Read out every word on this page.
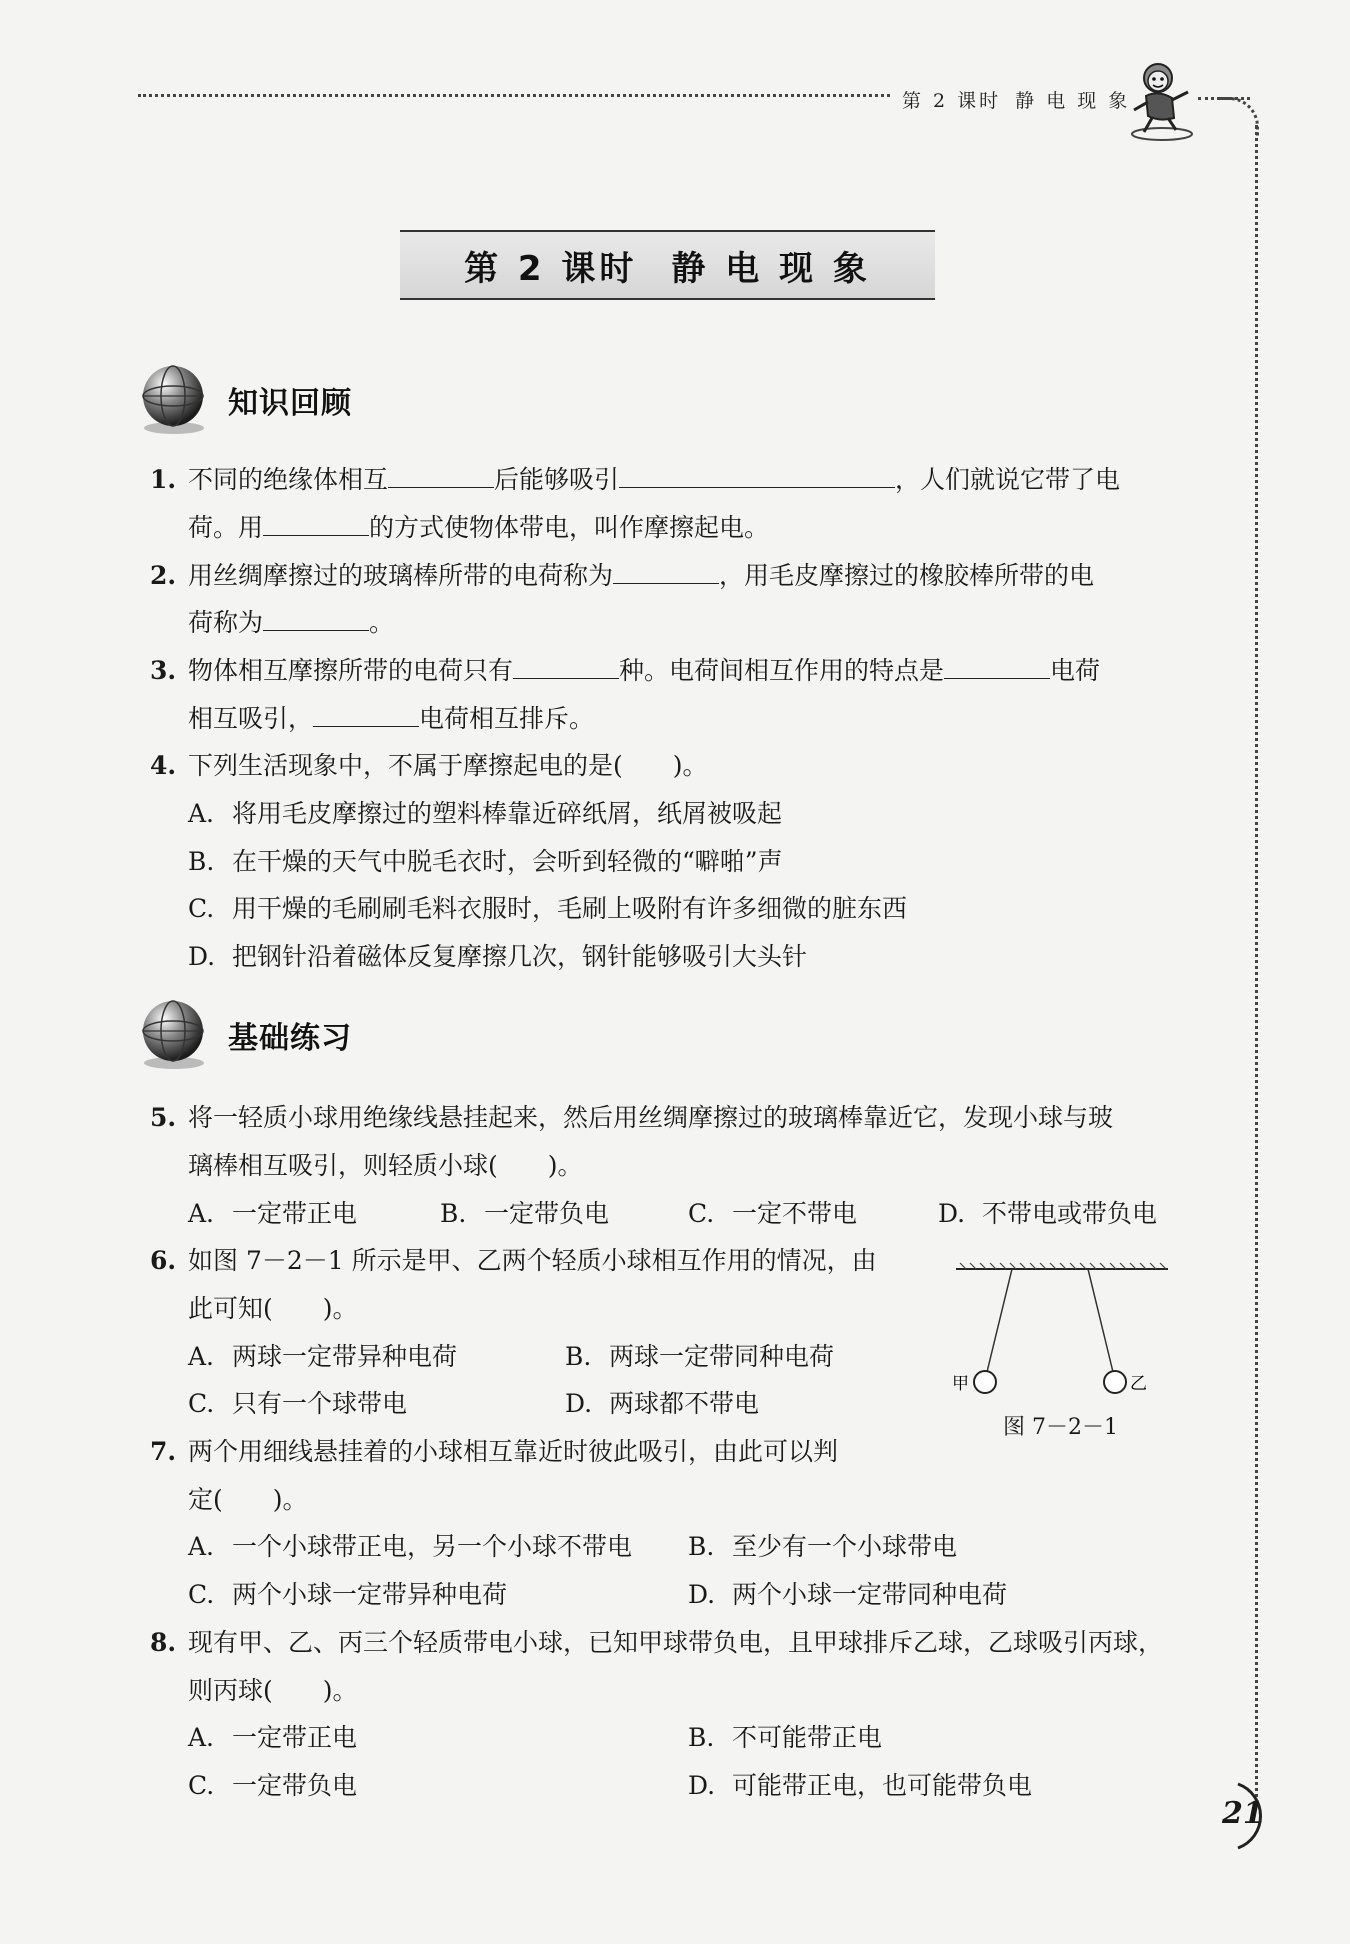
第 2 课时 静 电 现 象
第 2 课时 静 电 现 象
知识回顾
1. 不同的绝缘体相互	后能够吸引	，人们就说它带了电
荷。用	的方式使物体带电，叫作摩擦起电。
2. 用丝绸摩擦过的玻璃棒所带的电荷称为	，用毛皮摩擦过的橡胶棒所带的电
荷称为	。
3. 物体相互摩擦所带的电荷只有	种。电荷间相互作用的特点是	电荷
相互吸引，	电荷相互排斥。
4. 下列生活现象中，不属于摩擦起电的是(　　)。
A. 将用毛皮摩擦过的塑料棒靠近碎纸屑，纸屑被吸起
B. 在干燥的天气中脱毛衣时，会听到轻微的“噼啪”声
C. 用干燥的毛刷刷毛料衣服时，毛刷上吸附有许多细微的脏东西
D. 把钢针沿着磁体反复摩擦几次，钢针能够吸引大头针
基础练习
5. 将一轻质小球用绝缘线悬挂起来，然后用丝绸摩擦过的玻璃棒靠近它，发现小球与玻
璃棒相互吸引，则轻质小球(　　)。
A. 一定带正电	B. 一定带负电	C. 一定不带电	D. 不带电或带负电
6. 如图 7－2－1 所示是甲、乙两个轻质小球相互作用的情况，由
此可知(　　)。
A. 两球一定带异种电荷	B. 两球一定带同种电荷
C. 只有一个球带电	D. 两球都不带电
甲	乙
图 7－2－1
7. 两个用细线悬挂着的小球相互靠近时彼此吸引，由此可以判
定(　　)。
A. 一个小球带正电，另一个小球不带电 B. 至少有一个小球带电
C. 两个小球一定带异种电荷	D. 两个小球一定带同种电荷
8. 现有甲、乙、丙三个轻质带电小球，已知甲球带负电，且甲球排斥乙球，乙球吸引丙球，
则丙球(　　)。
A. 一定带正电	B. 不可能带正电
C. 一定带负电	D. 可能带正电，也可能带负电
21
